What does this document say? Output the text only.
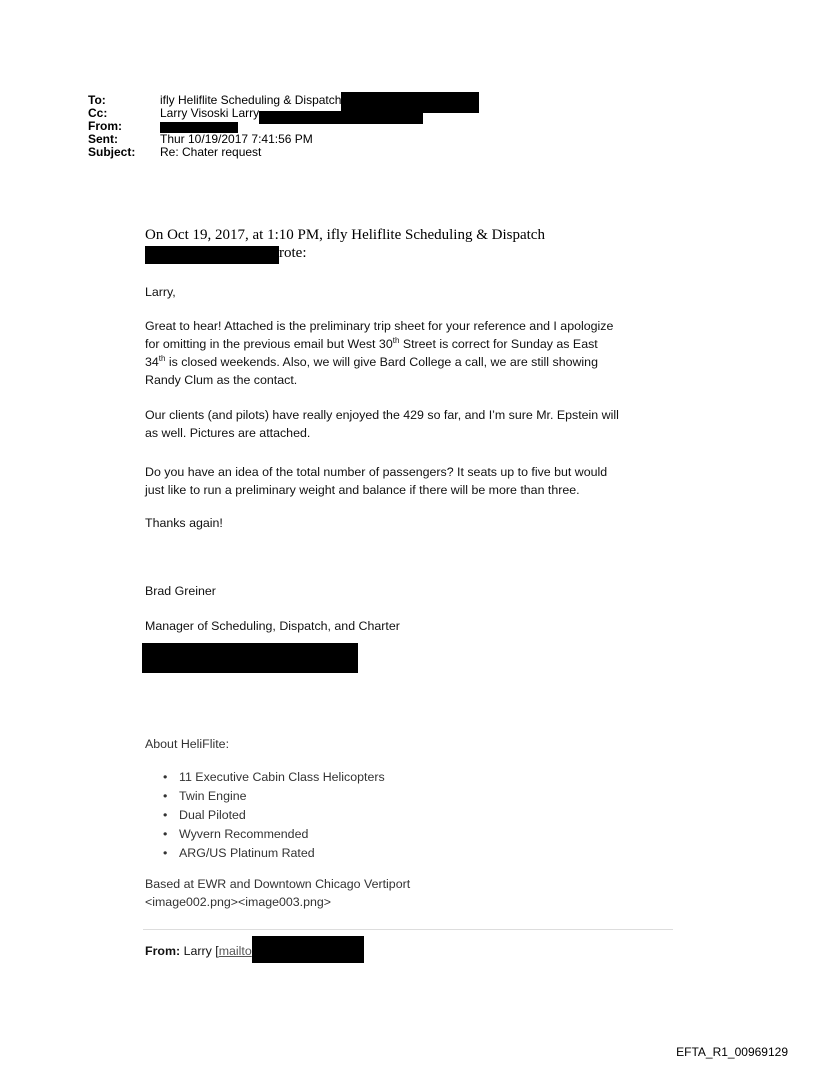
To:	ifly Heliflite Scheduling & Dispatch
Cc:	Larry Visoski Larry
From:
Sent:	Thur 10/19/2017 7:41:56 PM
Subject: Re: Chater request
On Oct 19, 2017, at 1:10 PM, ifly Heliflite Scheduling & Dispatch
rote:

Larry,

Great to hear! Attached is the preliminary trip sheet for your reference and I apologize
for omitting in the previous email but West 30th Street is correct for Sunday as East
34th is closed weekends. Also, we will give Bard College a call, we are still showing
Randy Clum as the contact.

Our clients (and pilots) have really enjoyed the 429 so far, and I’m sure Mr. Epstein will
as well. Pictures are attached.

Do you have an idea of the total number of passengers? It seats up to five but would
just like to run a preliminary weight and balance if there will be more than three.

Thanks again!

Brad Greiner
Manager of Scheduling, Dispatch, and Charter
About HeliFlite:
• 11 Executive Cabin Class Helicopters
• Twin Engine
• Dual Piloted
• Wyvern Recommended
• ARG/US Platinum Rated
Based at EWR and Downtown Chicago Vertiport
<image002.png><image003.png>
From: Larry [mailto
EFTA_R1_00969129
